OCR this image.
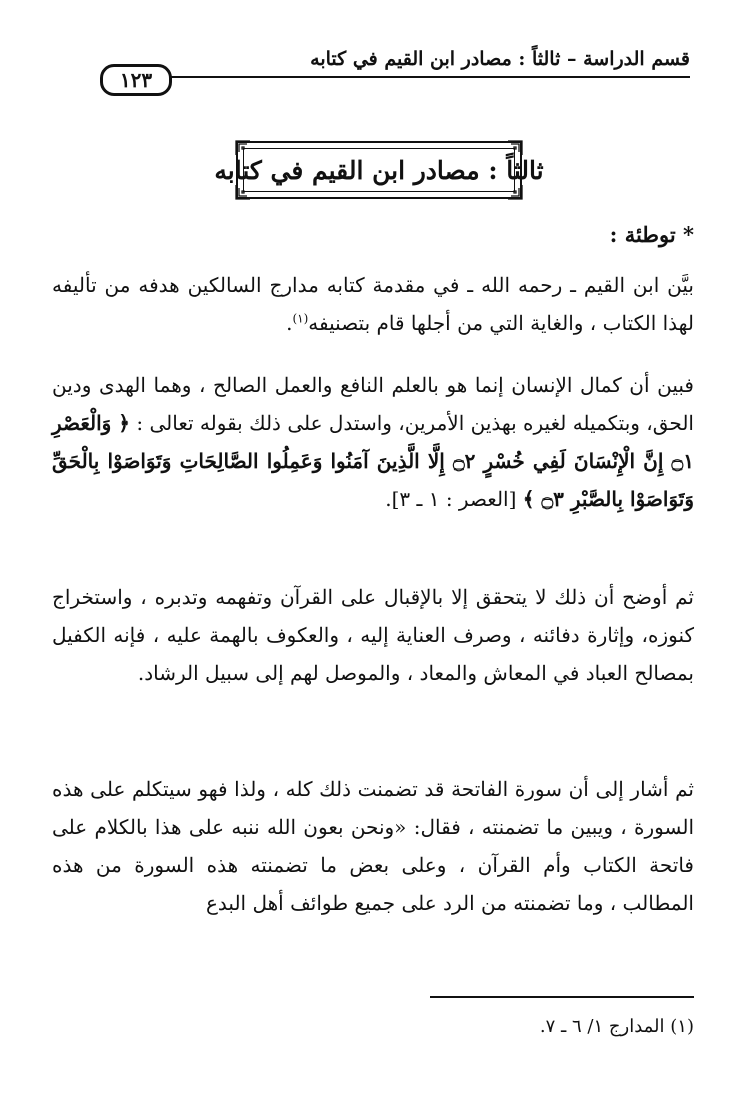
قسم الدراسة – ثالثاً : مصادر ابن القيم في كتابه
١٢٣
ثالثاً : مصادر ابن القيم في كتابه
* توطئة :
بيَّن ابن القيم ـ رحمه الله ـ في مقدمة كتابه مدارج السالكين هدفه من تأليفه لهذا الكتاب ، والغاية التي من أجلها قام بتصنيفه$^{(١)}$.
فبين أن كمال الإنسان إنما هو بالعلم النافع والعمل الصالح ، وهما الهدى ودين الحق، وبتكميله لغيره بهذين الأمرين، واستدل على ذلك بقوله تعالى : ﴿ وَالْعَصْرِ ۝١ إِنَّ الْإِنْسَانَ لَفِي خُسْرٍ ۝٢ إِلَّا الَّذِينَ آمَنُوا وَعَمِلُوا الصَّالِحَاتِ وَتَوَاصَوْا بِالْحَقِّ وَتَوَاصَوْا بِالصَّبْرِ ۝٣ ﴾ [العصر : ١ ـ ٣].
ثم أوضح أن ذلك لا يتحقق إلا بالإقبال على القرآن وتفهمه وتدبره ، واستخراج كنوزه، وإثارة دفائنه ، وصرف العناية إليه ، والعكوف بالهمة عليه ، فإنه الكفيل بمصالح العباد في المعاش والمعاد ، والموصل لهم إلى سبيل الرشاد.
ثم أشار إلى أن سورة الفاتحة قد تضمنت ذلك كله ، ولذا فهو سيتكلم على هذه السورة ، ويبين ما تضمنته ، فقال: «ونحن بعون الله ننبه على هذا بالكلام على فاتحة الكتاب وأم القرآن ، وعلى بعض ما تضمنته هذه السورة من هذه المطالب ، وما تضمنته من الرد على جميع طوائف أهل البدع
(١) المدارج ١/ ٦ ـ ٧.
